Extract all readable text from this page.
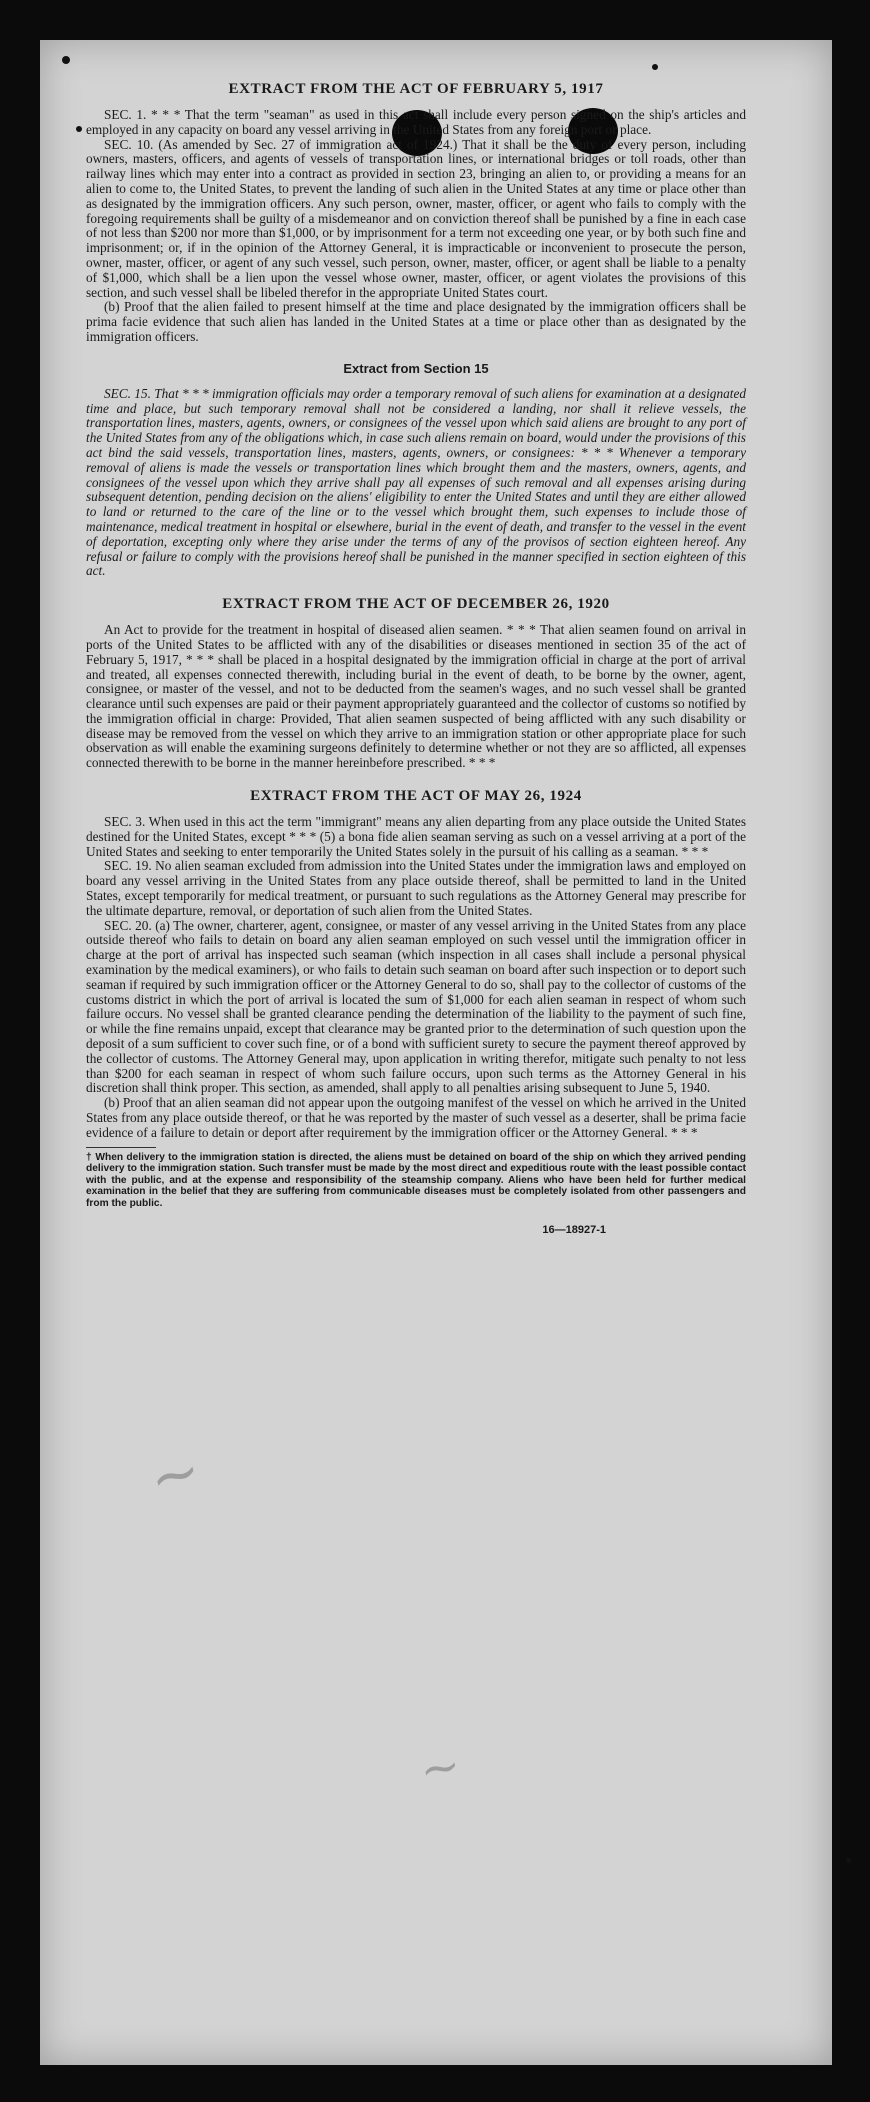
EXTRACT FROM THE ACT OF FEBRUARY 5, 1917

SEC. 1. * * * That the term "seaman" as used in this act shall include every person signed on the ship's articles and employed in any capacity on board any vessel arriving in the United States from any foreign port or place.

SEC. 10. (As amended by Sec. 27 of immigration act of 1924.) That it shall be the duty of every person, including owners, masters, officers, and agents of vessels of transportation lines, or international bridges or toll roads, other than railway lines which may enter into a contract as provided in section 23, bringing an alien to, or providing a means for an alien to come to, the United States, to prevent the landing of such alien in the United States at any time or place other than as designated by the immigration officers. Any such person, owner, master, officer, or agent who fails to comply with the foregoing requirements shall be guilty of a misdemeanor and on conviction thereof shall be punished by a fine in each case of not less than $200 nor more than $1,000, or by imprisonment for a term not exceeding one year, or by both such fine and imprisonment; or, if in the opinion of the Attorney General, it is impracticable or inconvenient to prosecute the person, owner, master, officer, or agent of any such vessel, such person, owner, master, officer, or agent shall be liable to a penalty of $1,000, which shall be a lien upon the vessel whose owner, master, officer, or agent violates the provisions of this section, and such vessel shall be libeled therefor in the appropriate United States court.

(b) Proof that the alien failed to present himself at the time and place designated by the immigration officers shall be prima facie evidence that such alien has landed in the United States at a time or place other than as designated by the immigration officers.

Extract from Section 15

SEC. 15. That * * * immigration officials may order a temporary removal of such aliens for examination at a designated time and place, but such temporary removal shall not be considered a landing, nor shall it relieve vessels, the transportation lines, masters, agents, owners, or consignees of the vessel upon which said aliens are brought to any port of the United States from any of the obligations which, in case such aliens remain on board, would under the provisions of this act bind the said vessels, transportation lines, masters, agents, owners, or consignees: * * * Whenever a temporary removal of aliens is made the vessels or transportation lines which brought them and the masters, owners, agents, and consignees of the vessel upon which they arrive shall pay all expenses of such removal and all expenses arising during subsequent detention, pending decision on the aliens' eligibility to enter the United States and until they are either allowed to land or returned to the care of the line or to the vessel which brought them, such expenses to include those of maintenance, medical treatment in hospital or elsewhere, burial in the event of death, and transfer to the vessel in the event of deportation, excepting only where they arise under the terms of any of the provisos of section eighteen hereof. Any refusal or failure to comply with the provisions hereof shall be punished in the manner specified in section eighteen of this act.

EXTRACT FROM THE ACT OF DECEMBER 26, 1920

An Act to provide for the treatment in hospital of diseased alien seamen. * * * That alien seamen found on arrival in ports of the United States to be afflicted with any of the disabilities or diseases mentioned in section 35 of the act of February 5, 1917, * * * shall be placed in a hospital designated by the immigration official in charge at the port of arrival and treated, all expenses connected therewith, including burial in the event of death, to be borne by the owner, agent, consignee, or master of the vessel, and not to be deducted from the seamen's wages, and no such vessel shall be granted clearance until such expenses are paid or their payment appropriately guaranteed and the collector of customs so notified by the immigration official in charge: Provided, That alien seamen suspected of being afflicted with any such disability or disease may be removed from the vessel on which they arrive to an immigration station or other appropriate place for such observation as will enable the examining surgeons definitely to determine whether or not they are so afflicted, all expenses connected therewith to be borne in the manner hereinbefore prescribed. * * *

EXTRACT FROM THE ACT OF MAY 26, 1924

SEC. 3. When used in this act the term "immigrant" means any alien departing from any place outside the United States destined for the United States, except * * * (5) a bona fide alien seaman serving as such on a vessel arriving at a port of the United States and seeking to enter temporarily the United States solely in the pursuit of his calling as a seaman. * * *

SEC. 19. No alien seaman excluded from admission into the United States under the immigration laws and employed on board any vessel arriving in the United States from any place outside thereof, shall be permitted to land in the United States, except temporarily for medical treatment, or pursuant to such regulations as the Attorney General may prescribe for the ultimate departure, removal, or deportation of such alien from the United States.

SEC. 20. (a) The owner, charterer, agent, consignee, or master of any vessel arriving in the United States from any place outside thereof who fails to detain on board any alien seaman employed on such vessel until the immigration officer in charge at the port of arrival has inspected such seaman (which inspection in all cases shall include a personal physical examination by the medical examiners), or who fails to detain such seaman on board after such inspection or to deport such seaman if required by such immigration officer or the Attorney General to do so, shall pay to the collector of customs of the customs district in which the port of arrival is located the sum of $1,000 for each alien seaman in respect of whom such failure occurs. No vessel shall be granted clearance pending the determination of the liability to the payment of such fine, or while the fine remains unpaid, except that clearance may be granted prior to the determination of such question upon the deposit of a sum sufficient to cover such fine, or of a bond with sufficient surety to secure the payment thereof approved by the collector of customs. The Attorney General may, upon application in writing therefor, mitigate such penalty to not less than $200 for each seaman in respect of whom such failure occurs, upon such terms as the Attorney General in his discretion shall think proper. This section, as amended, shall apply to all penalties arising subsequent to June 5, 1940.

(b) Proof that an alien seaman did not appear upon the outgoing manifest of the vessel on which he arrived in the United States from any place outside thereof, or that he was reported by the master of such vessel as a deserter, shall be prima facie evidence of a failure to detain or deport after requirement by the immigration officer or the Attorney General. * * *

† When delivery to the immigration station is directed, the aliens must be detained on board of the ship on which they arrived pending delivery to the immigration station. Such transfer must be made by the most direct and expeditious route with the least possible contact with the public, and at the expense and responsibility of the steamship company. Aliens who have been held for further medical examination in the belief that they are suffering from communicable diseases must be completely isolated from other passengers and from the public.

16—18927-1

~
~
